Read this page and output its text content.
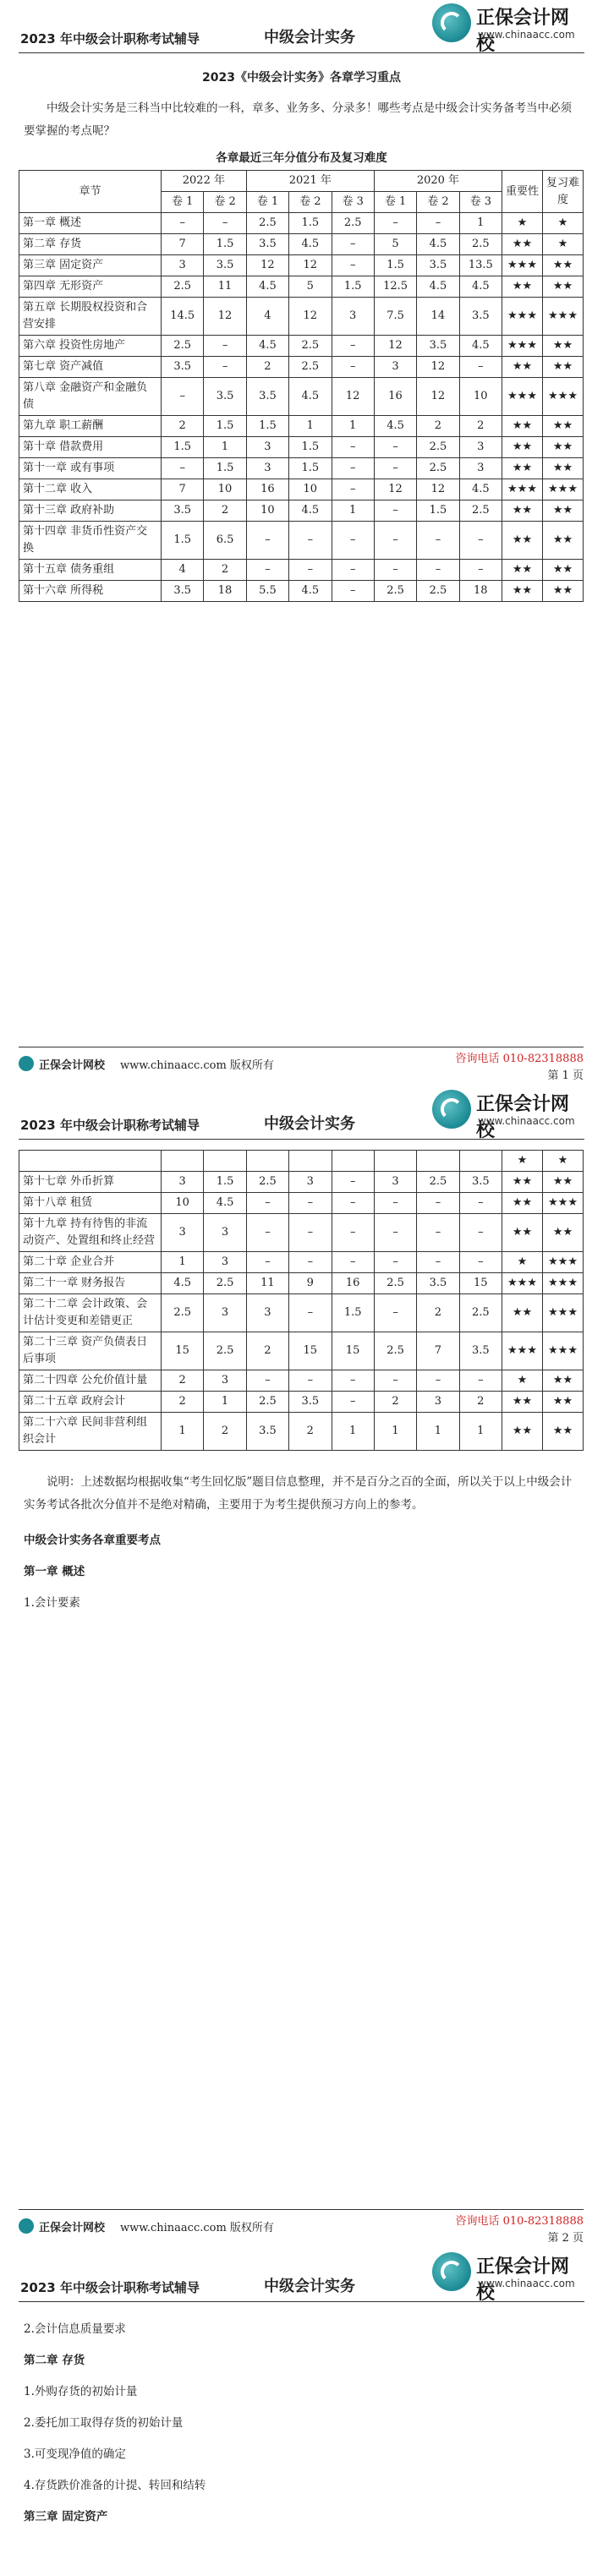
2023 年中级会计职称考试辅导	中级会计实务
正保会计网校
www.chinaacc.com
2023《中级会计实务》各章学习重点
中级会计实务是三科当中比较难的一科，章多、业务多、分录多！哪些考点是中级会计实务备考当中必须要掌握的考点呢？
各章最近三年分值分布及复习难度
章节	2022 年		2021 年			2020 年			重要性	复习难度
	卷 1	卷 2	卷 1	卷 2	卷 3	卷 1	卷 2	卷 3		
第一章 概述	–	–	2.5	1.5	2.5	–	–	1	★	★
第二章 存货	7	1.5	3.5	4.5	–	5	4.5	2.5	★★	★
第三章 固定资产	3	3.5	12	12	–	1.5	3.5	13.5	★★★	★★
第四章 无形资产	2.5	11	4.5	5	1.5	12.5	4.5	4.5	★★	★★
第五章 长期股权投资和合营安排	14.5	12	4	12	3	7.5	14	3.5	★★★	★★★
第六章 投资性房地产	2.5	–	4.5	2.5	–	12	3.5	4.5	★★★	★★
第七章 资产减值	3.5	–	2	2.5	–	3	12	–	★★	★★
第八章 金融资产和金融负债	–	3.5	3.5	4.5	12	16	12	10	★★★	★★★
第九章 职工薪酬	2	1.5	1.5	1	1	4.5	2	2	★★	★★
第十章 借款费用	1.5	1	3	1.5	–	–	2.5	3	★★	★★
第十一章 或有事项	–	1.5	3	1.5	–	–	2.5	3	★★	★★
第十二章 收入	7	10	16	10	–	12	12	4.5	★★★	★★★
第十三章 政府补助	3.5	2	10	4.5	1	–	1.5	2.5	★★	★★
第十四章 非货币性资产交换	1.5	6.5	–	–	–	–	–	–	★★	★★
第十五章 债务重组	4	2	–	–	–	–	–	–	★★	★★
第十六章 所得税	3.5	18	5.5	4.5	–	2.5	2.5	18	★★	★★
正保会计网校 www.chinaacc.com 版权所有
咨询电话 010-82318888
第 1 页
2023 年中级会计职称考试辅导	中级会计实务
正保会计网校
www.chinaacc.com
									★	★
第十七章 外币折算	3	1.5	2.5	3	–	3	2.5	3.5	★★	★★
第十八章 租赁	10	4.5	–	–	–	–	–	–	★★	★★★
第十九章 持有待售的非流动资产、处置组和终止经营	3	3	–	–	–	–	–	–	★★	★★
第二十章 企业合并	1	3	–	–	–	–	–	–	★	★★★
第二十一章 财务报告	4.5	2.5	11	9	16	2.5	3.5	15	★★★	★★★
第二十二章 会计政策、会计估计变更和差错更正	2.5	3	3	–	1.5	–	2	2.5	★★	★★★
第二十三章 资产负债表日后事项	15	2.5	2	15	15	2.5	7	3.5	★★★	★★★
第二十四章 公允价值计量	2	3	–	–	–	–	–	–	★	★★
第二十五章 政府会计	2	1	2.5	3.5	–	2	3	2	★★	★★
第二十六章 民间非营利组织会计	1	2	3.5	2	1	1	1	1	★★	★★
说明：上述数据均根据收集“考生回忆版”题目信息整理，并不是百分之百的全面，所以关于以上中级会计实务考试各批次分值并不是绝对精确，主要用于为考生提供预习方向上的参考。
中级会计实务各章重要考点
第一章 概述
1.会计要素
正保会计网校 www.chinaacc.com 版权所有
咨询电话 010-82318888
第 2 页
2023 年中级会计职称考试辅导	中级会计实务
正保会计网校
www.chinaacc.com
2.会计信息质量要求
第二章 存货
1.外购存货的初始计量
2.委托加工取得存货的初始计量
3.可变现净值的确定
4.存货跌价准备的计提、转回和结转
第三章 固定资产
